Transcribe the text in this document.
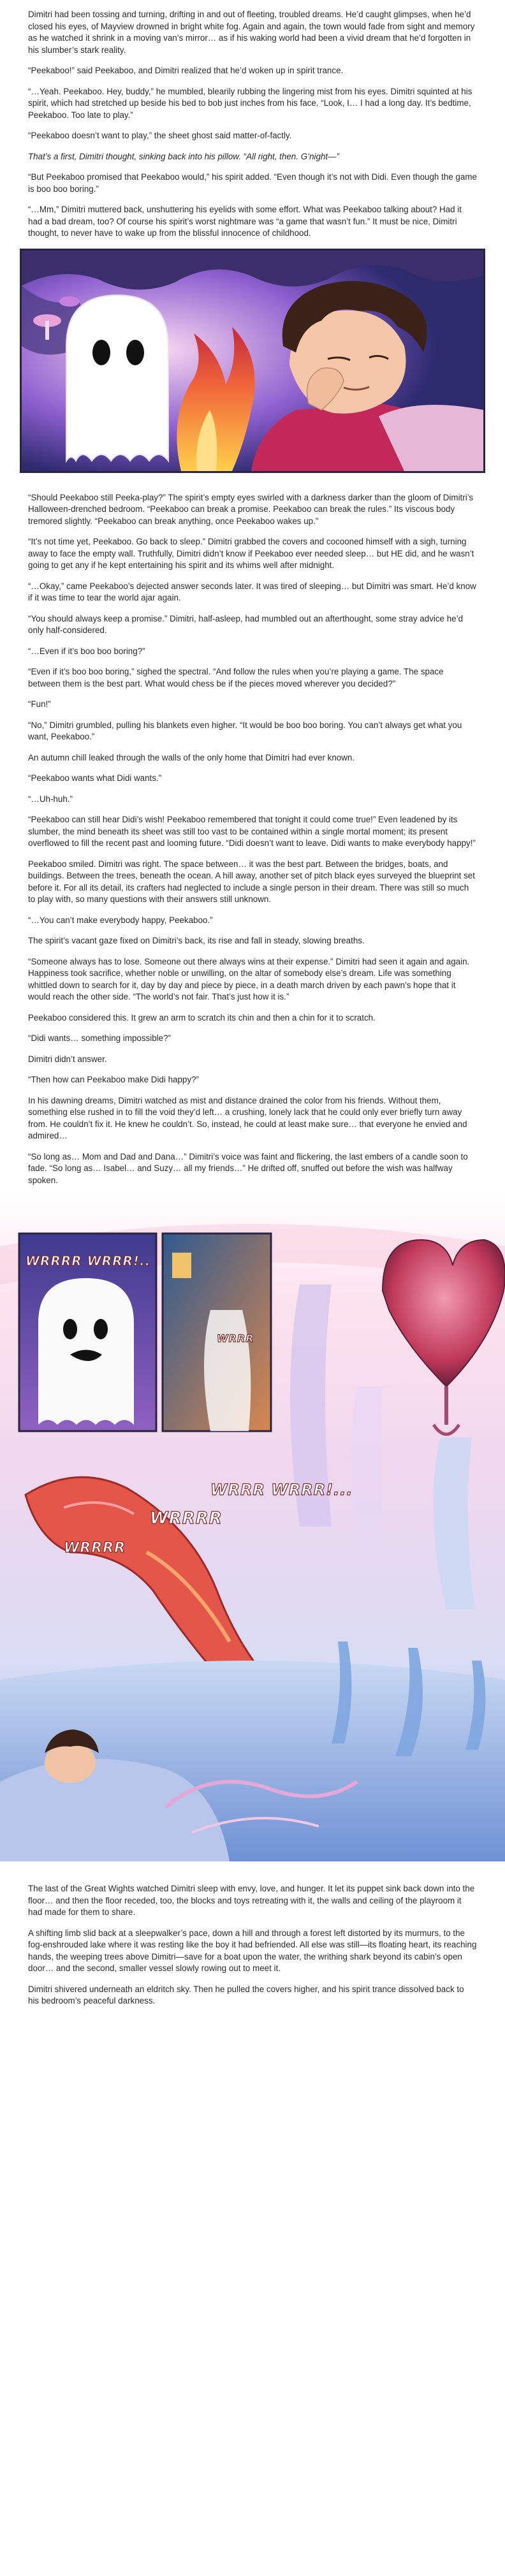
Dimitri had been tossing and turning, drifting in and out of fleeting, troubled dreams. He’d caught glimpses, when he’d closed his eyes, of Mayview drowned in bright white fog. Again and again, the town would fade from sight and memory as he watched it shrink in a moving van’s mirror… as if his waking world had been a vivid dream that he’d forgotten in his slumber’s stark reality.

“Peekaboo!” said Peekaboo, and Dimitri realized that he’d woken up in spirit trance.

“…Yeah. Peekaboo. Hey, buddy,” he mumbled, blearily rubbing the lingering mist from his eyes. Dimitri squinted at his spirit, which had stretched up beside his bed to bob just inches from his face. “Look, I… I had a long day. It’s bedtime, Peekaboo. Too late to play.”

“Peekaboo doesn’t want to play,” the sheet ghost said matter-of-factly.

That’s a first, Dimitri thought, sinking back into his pillow. “All right, then. G’night—”

“But Peekaboo promised that Peekaboo would,” his spirit added. “Even though it’s not with Didi. Even though the game is boo boo boring.”

“…Mm,” Dimitri muttered back, unshuttering his eyelids with some effort. What was Peekaboo talking about? Had it had a bad dream, too? Of course his spirit’s worst nightmare was “a game that wasn’t fun.” It must be nice, Dimitri thought, to never have to wake up from the blissful innocence of childhood.

“Should Peekaboo still Peeka-play?” The spirit’s empty eyes swirled with a darkness darker than the gloom of Dimitri’s Halloween-drenched bedroom. “Peekaboo can break a promise. Peekaboo can break the rules.” Its viscous body tremored slightly. “Peekaboo can break anything, once Peekaboo wakes up.”

“It’s not time yet, Peekaboo. Go back to sleep.” Dimitri grabbed the covers and cocooned himself with a sigh, turning away to face the empty wall. Truthfully, Dimitri didn’t know if Peekaboo ever needed sleep… but HE did, and he wasn’t going to get any if he kept entertaining his spirit and its whims well after midnight.

“…Okay,” came Peekaboo’s dejected answer seconds later. It was tired of sleeping… but Dimitri was smart. He’d know if it was time to tear the world ajar again.

“You should always keep a promise.” Dimitri, half-asleep, had mumbled out an afterthought, some stray advice he’d only half-considered.

“…Even if it’s boo boo boring?”

“Even if it’s boo boo boring,” sighed the spectral. “And follow the rules when you’re playing a game. The space between them is the best part. What would chess be if the pieces moved wherever you decided?”

“Fun!”

“No,” Dimitri grumbled, pulling his blankets even higher. “It would be boo boo boring. You can’t always get what you want, Peekaboo.”

An autumn chill leaked through the walls of the only home that Dimitri had ever known.

“Peekaboo wants what Didi wants.”

“…Uh-huh.”

“Peekaboo can still hear Didi’s wish! Peekaboo remembered that tonight it could come true!” Even leadened by its slumber, the mind beneath its sheet was still too vast to be contained within a single mortal moment; its present overflowed to fill the recent past and looming future. “Didi doesn’t want to leave. Didi wants to make everybody happy!”

Peekaboo smiled. Dimitri was right. The space between… it was the best part. Between the bridges, boats, and buildings. Between the trees, beneath the ocean. A hill away, another set of pitch black eyes surveyed the blueprint set before it. For all its detail, its crafters had neglected to include a single person in their dream. There was still so much to play with, so many questions with their answers still unknown.

“…You can’t make everybody happy, Peekaboo.”

The spirit’s vacant gaze fixed on Dimitri’s back, its rise and fall in steady, slowing breaths.

“Someone always has to lose. Someone out there always wins at their expense.” Dimitri had seen it again and again. Happiness took sacrifice, whether noble or unwilling, on the altar of somebody else’s dream. Life was something whittled down to search for it, day by day and piece by piece, in a death march driven by each pawn’s hope that it would reach the other side. “The world’s not fair. That’s just how it is.”

Peekaboo considered this. It grew an arm to scratch its chin and then a chin for it to scratch.

“Didi wants… something impossible?”

Dimitri didn’t answer.

“Then how can Peekaboo make Didi happy?”

In his dawning dreams, Dimitri watched as mist and distance drained the color from his friends. Without them, something else rushed in to fill the void they’d left… a crushing, lonely lack that he could only ever briefly turn away from. He couldn’t fix it. He knew he couldn’t. So, instead, he could at least make sure… that everyone he envied and admired…

“So long as… Mom and Dad and Dana…” Dimitri’s voice was faint and flickering, the last embers of a candle soon to fade. “So long as… Isabel… and Suzy… all my friends…” He drifted off, snuffed out before the wish was halfway spoken.

WRRRR WRRR!..
WRRR
WRRRR
WRRRR
WRRR WRRR!...

The last of the Great Wights watched Dimitri sleep with envy, love, and hunger. It let its puppet sink back down into the floor… and then the floor receded, too, the blocks and toys retreating with it, the walls and ceiling of the playroom it had made for them to share.

A shifting limb slid back at a sleepwalker’s pace, down a hill and through a forest left distorted by its murmurs, to the fog-enshrouded lake where it was resting like the boy it had befriended. All else was still—its floating heart, its reaching hands, the weeping trees above Dimitri—save for a boat upon the water, the writhing shark beyond its cabin’s open door… and the second, smaller vessel slowly rowing out to meet it.

Dimitri shivered underneath an eldritch sky. Then he pulled the covers higher, and his spirit trance dissolved back to his bedroom’s peaceful darkness.
